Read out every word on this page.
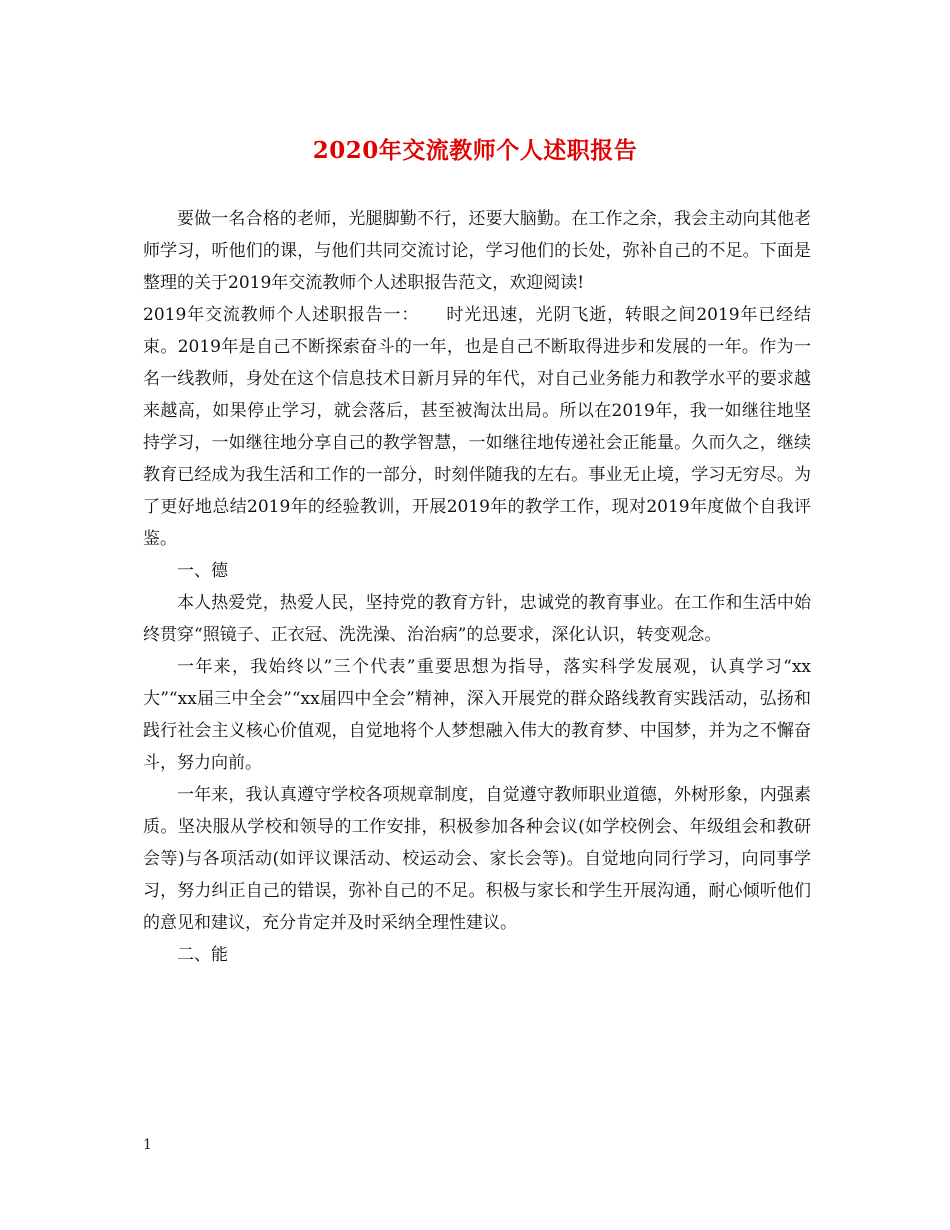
2020年交流教师个人述职报告

要做一名合格的老师，光腿脚勤不行，还要大脑勤。在工作之余，我会主动向其他老师学习，听他们的课，与他们共同交流讨论，学习他们的长处，弥补自己的不足。下面是整理的关于2019年交流教师个人述职报告范文，欢迎阅读!

2019年交流教师个人述职报告一：　　时光迅速，光阴飞逝，转眼之间2019年已经结束。2019年是自己不断探索奋斗的一年，也是自己不断取得进步和发展的一年。作为一名一线教师，身处在这个信息技术日新月异的年代，对自己业务能力和教学水平的要求越来越高，如果停止学习，就会落后，甚至被淘汰出局。所以在2019年，我一如继往地坚持学习，一如继往地分享自己的教学智慧，一如继往地传递社会正能量。久而久之，继续教育已经成为我生活和工作的一部分，时刻伴随我的左右。事业无止境，学习无穷尽。为了更好地总结2019年的经验教训，开展2019年的教学工作，现对2019年度做个自我评鉴。

一、德

本人热爱党，热爱人民，坚持党的教育方针，忠诚党的教育事业。在工作和生活中始终贯穿“照镜子、正衣冠、洗洗澡、治治病”的总要求，深化认识，转变观念。

一年来，我始终以”三个代表”重要思想为指导，落实科学发展观，认真学习“xx大”“xx届三中全会”“xx届四中全会”精神，深入开展党的群众路线教育实践活动，弘扬和践行社会主义核心价值观，自觉地将个人梦想融入伟大的教育梦、中国梦，并为之不懈奋斗，努力向前。

一年来，我认真遵守学校各项规章制度，自觉遵守教师职业道德，外树形象，内强素质。坚决服从学校和领导的工作安排，积极参加各种会议(如学校例会、年级组会和教研会等)与各项活动(如评议课活动、校运动会、家长会等)。自觉地向同行学习，向同事学习，努力纠正自己的错误，弥补自己的不足。积极与家长和学生开展沟通，耐心倾听他们的意见和建议，充分肯定并及时采纳全理性建议。

二、能

1
